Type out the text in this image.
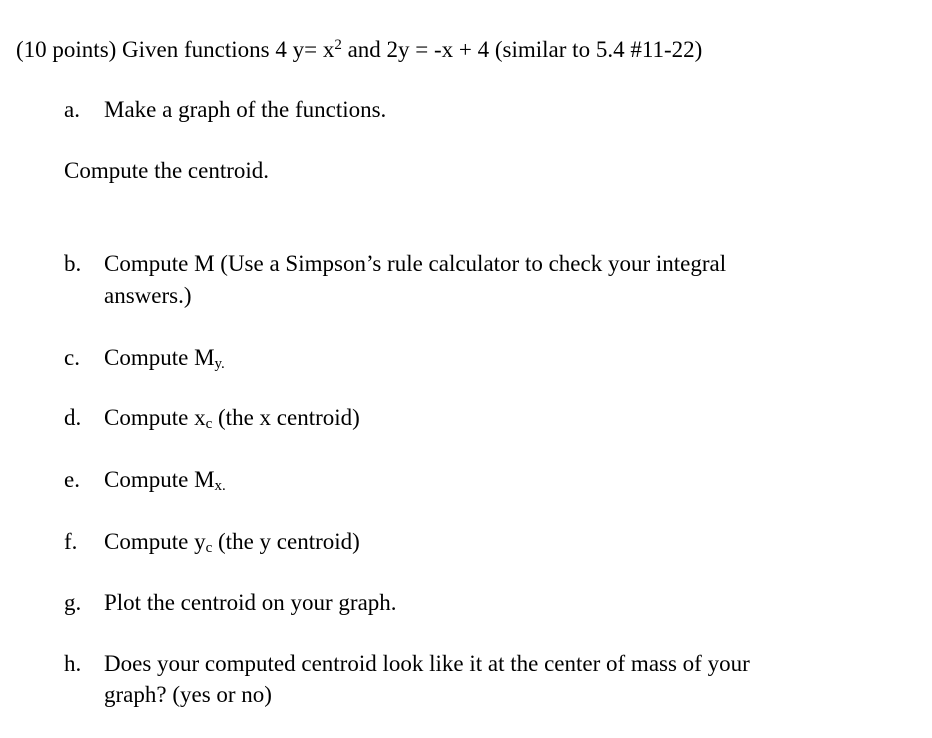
(10 points) Given functions 4 $y= x^2$ and 2y = -x + 4 (similar to 5.4 #11-22)
a. Make a graph of the functions.
Compute the centroid.
b. Compute M (Use a Simpson’s rule calculator to check your integral
answers.)
c. Compute $M_{y.}$
d. Compute $x_c$ (the x centroid)
e. Compute $M_{x.}$
f. Compute $y_c$ (the y centroid)
g. Plot the centroid on your graph.
h. Does your computed centroid look like it at the center of mass of your
graph? (yes or no)
